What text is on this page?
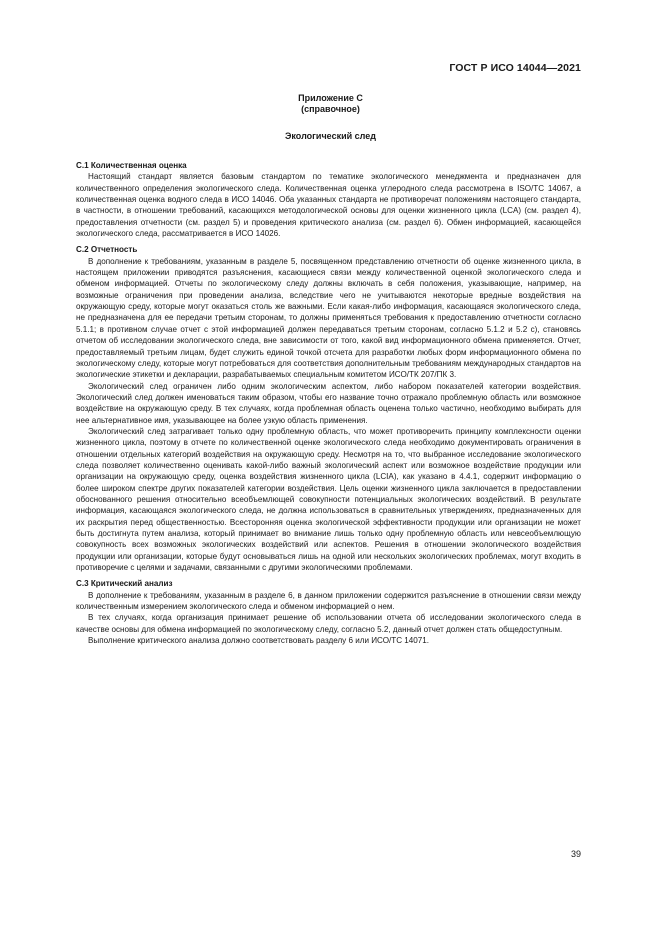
ГОСТ Р ИСО 14044—2021
Приложение С
(справочное)
Экологический след
С.1 Количественная оценка

Настоящий стандарт является базовым стандартом по тематике экологического менеджмента и предназначен для количественного определения экологического следа. Количественная оценка углеродного следа рассмотрена в ISO/TC 14067, а количественная оценка водного следа в ИСО 14046. Оба указанных стандарта не противоречат положениям настоящего стандарта, в частности, в отношении требований, касающихся методологической основы для оценки жизненного цикла (LCA) (см. раздел 4), предоставления отчетности (см. раздел 5) и проведения критического анализа (см. раздел 6). Обмен информацией, касающейся экологического следа, рассматривается в ИСО 14026.

С.2 Отчетность

В дополнение к требованиям, указанным в разделе 5, посвященном представлению отчетности об оценке жизненного цикла, в настоящем приложении приводятся разъяснения, касающиеся связи между количественной оценкой экологического следа и обменом информацией. Отчеты по экологическому следу должны включать в себя положения, указывающие, например, на возможные ограничения при проведении анализа, вследствие чего не учитываются некоторые вредные воздействия на окружающую среду, которые могут оказаться столь же важными. Если какая-либо информация, касающаяся экологического следа, не предназначена для ее передачи третьим сторонам, то должны применяться требования к предоставлению отчетности согласно 5.1.1; в противном случае отчет с этой информацией должен передаваться третьим сторонам, согласно 5.1.2 и 5.2 с), становясь отчетом об исследовании экологического следа, вне зависимости от того, какой вид информационного обмена применяется. Отчет, предоставляемый третьим лицам, будет служить единой точкой отсчета для разработки любых форм информационного обмена по экологическому следу, которые могут потребоваться для соответствия дополнительным требованиям международных стандартов на экологические этикетки и декларации, разрабатываемых специальным комитетом ИСО/ТК 207/ПК 3.

Экологический след ограничен либо одним экологическим аспектом, либо набором показателей категории воздействия. Экологический след должен именоваться таким образом, чтобы его название точно отражало проблемную область или возможное воздействие на окружающую среду. В тех случаях, когда проблемная область оценена только частично, необходимо выбирать для нее альтернативное имя, указывающее на более узкую область применения.

Экологический след затрагивает только одну проблемную область, что может противоречить принципу комплексности оценки жизненного цикла, поэтому в отчете по количественной оценке экологического следа необходимо документировать ограничения в отношении отдельных категорий воздействия на окружающую среду. Несмотря на то, что выбранное исследование экологического следа позволяет количественно оценивать какой-либо важный экологический аспект или возможное воздействие продукции или организации на окружающую среду, оценка воздействия жизненного цикла (LCIA), как указано в 4.4.1, содержит информацию о более широком спектре других показателей категории воздействия. Цель оценки жизненного цикла заключается в предоставлении обоснованного решения относительно всеобъемлющей совокупности потенциальных экологических воздействий. В результате информация, касающаяся экологического следа, не должна использоваться в сравнительных утверждениях, предназначенных для их раскрытия перед общественностью. Всесторонняя оценка экологической эффективности продукции или организации не может быть достигнута путем анализа, который принимает во внимание лишь только одну проблемную область или невсеобъемлющую совокупность всех возможных экологических воздействий или аспектов. Решения в отношении экологического воздействия продукции или организации, которые будут основываться лишь на одной или нескольких экологических проблемах, могут входить в противоречие с целями и задачами, связанными с другими экологическими проблемами.

С.3 Критический анализ

В дополнение к требованиям, указанным в разделе 6, в данном приложении содержится разъяснение в отношении связи между количественным измерением экологического следа и обменом информацией о нем.

В тех случаях, когда организация принимает решение об использовании отчета об исследовании экологического следа в качестве основы для обмена информацией по экологическому следу, согласно 5.2, данный отчет должен стать общедоступным.

Выполнение критического анализа должно соответствовать разделу 6 или ИСО/ТС 14071.

39
